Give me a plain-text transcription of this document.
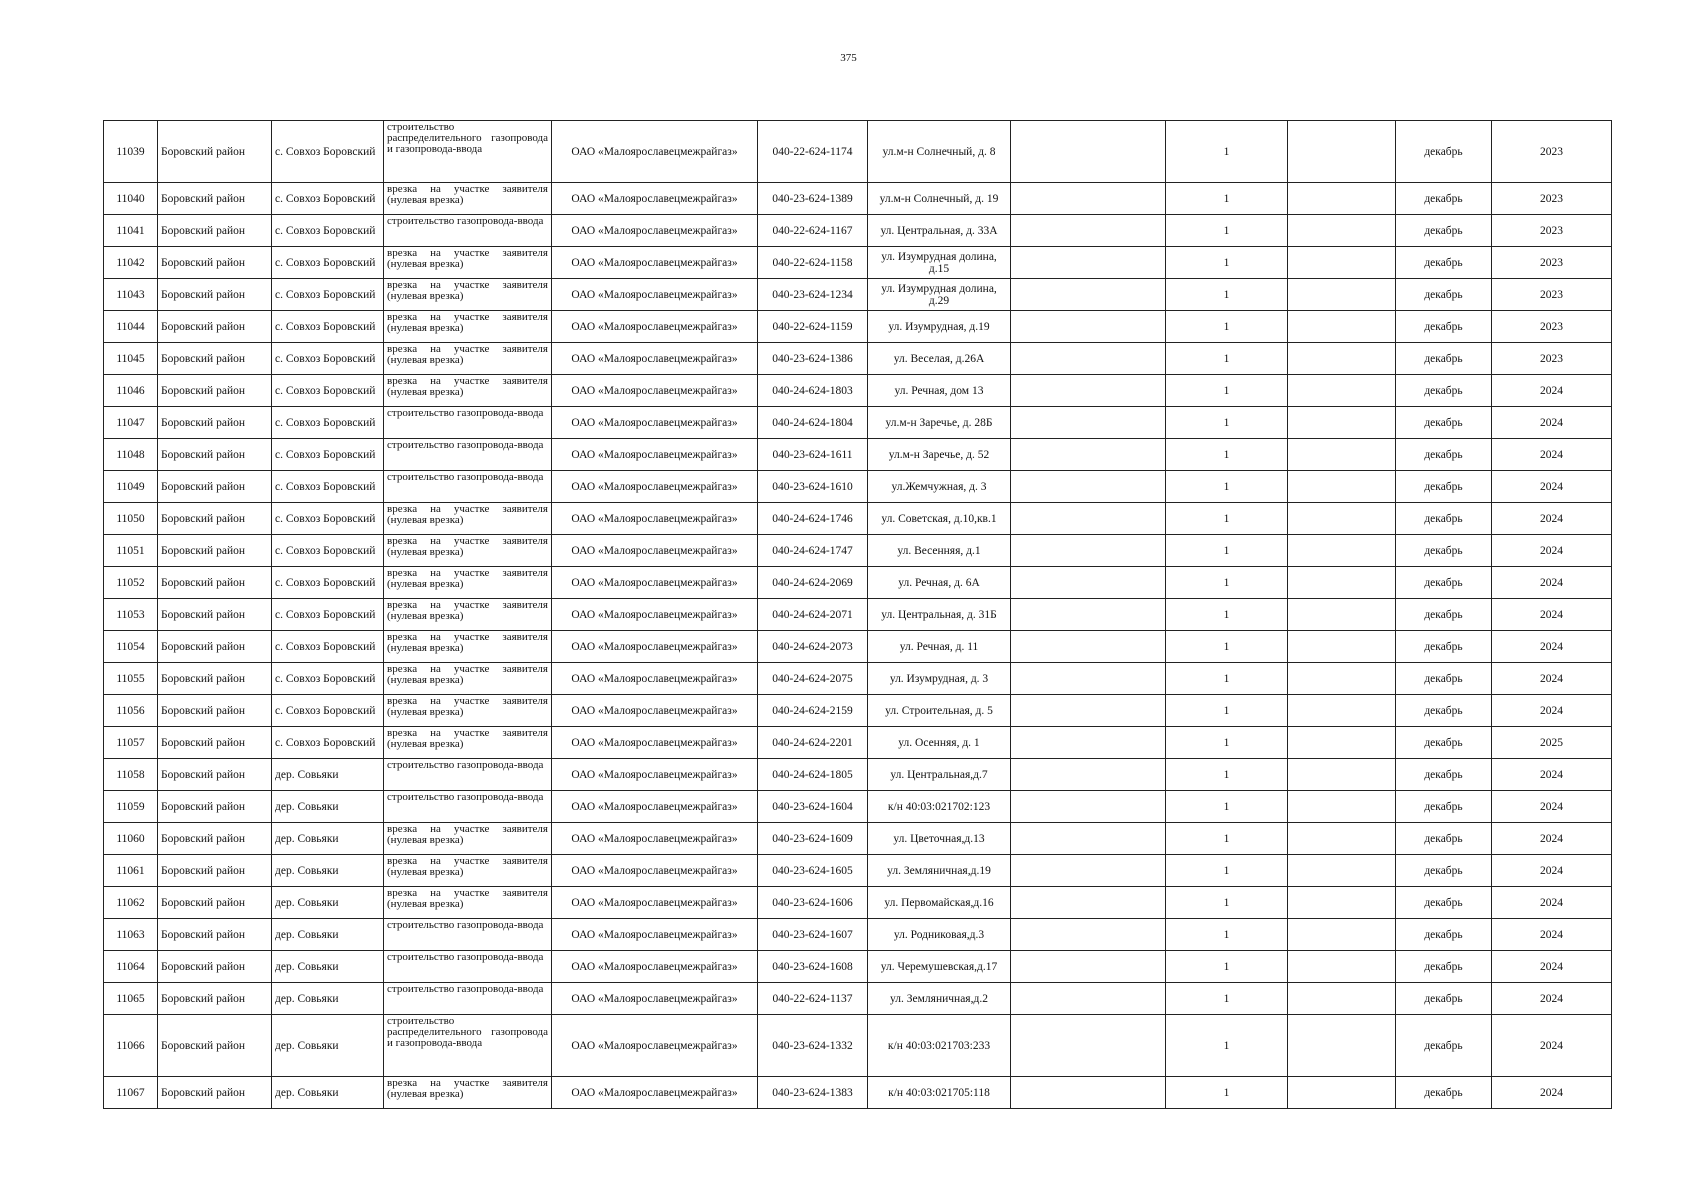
375
11039	Боровский район	с. Совхоз Боровский	строительство распределительного газопровода и газопровода-ввода	ОАО «Малоярославецмежрайгаз»	040-22-624-1174	ул.м-н Солнечный, д. 8		1		декабрь	2023
11040	Боровский район	с. Совхоз Боровский	врезка на участке заявителя (нулевая врезка)	ОАО «Малоярославецмежрайгаз»	040-23-624-1389	ул.м-н Солнечный, д. 19		1		декабрь	2023
11041	Боровский район	с. Совхоз Боровский	строительство газопровода-ввода	ОАО «Малоярославецмежрайгаз»	040-22-624-1167	ул. Центральная, д. 33А		1		декабрь	2023
11042	Боровский район	с. Совхоз Боровский	врезка на участке заявителя (нулевая врезка)	ОАО «Малоярославецмежрайгаз»	040-22-624-1158	ул. Изумрудная долина, д.15		1		декабрь	2023
11043	Боровский район	с. Совхоз Боровский	врезка на участке заявителя (нулевая врезка)	ОАО «Малоярославецмежрайгаз»	040-23-624-1234	ул. Изумрудная долина, д.29		1		декабрь	2023
11044	Боровский район	с. Совхоз Боровский	врезка на участке заявителя (нулевая врезка)	ОАО «Малоярославецмежрайгаз»	040-22-624-1159	ул. Изумрудная, д.19		1		декабрь	2023
11045	Боровский район	с. Совхоз Боровский	врезка на участке заявителя (нулевая врезка)	ОАО «Малоярославецмежрайгаз»	040-23-624-1386	ул. Веселая, д.26А		1		декабрь	2023
11046	Боровский район	с. Совхоз Боровский	врезка на участке заявителя (нулевая врезка)	ОАО «Малоярославецмежрайгаз»	040-24-624-1803	ул. Речная, дом 13		1		декабрь	2024
11047	Боровский район	с. Совхоз Боровский	строительство газопровода-ввода	ОАО «Малоярославецмежрайгаз»	040-24-624-1804	ул.м-н Заречье, д. 28Б		1		декабрь	2024
11048	Боровский район	с. Совхоз Боровский	строительство газопровода-ввода	ОАО «Малоярославецмежрайгаз»	040-23-624-1611	ул.м-н Заречье, д. 52		1		декабрь	2024
11049	Боровский район	с. Совхоз Боровский	строительство газопровода-ввода	ОАО «Малоярославецмежрайгаз»	040-23-624-1610	ул.Жемчужная, д. 3		1		декабрь	2024
11050	Боровский район	с. Совхоз Боровский	врезка на участке заявителя (нулевая врезка)	ОАО «Малоярославецмежрайгаз»	040-24-624-1746	ул. Советская, д.10,кв.1		1		декабрь	2024
11051	Боровский район	с. Совхоз Боровский	врезка на участке заявителя (нулевая врезка)	ОАО «Малоярославецмежрайгаз»	040-24-624-1747	ул. Весенняя, д.1		1		декабрь	2024
11052	Боровский район	с. Совхоз Боровский	врезка на участке заявителя (нулевая врезка)	ОАО «Малоярославецмежрайгаз»	040-24-624-2069	ул. Речная, д. 6А		1		декабрь	2024
11053	Боровский район	с. Совхоз Боровский	врезка на участке заявителя (нулевая врезка)	ОАО «Малоярославецмежрайгаз»	040-24-624-2071	ул. Центральная, д. 31Б		1		декабрь	2024
11054	Боровский район	с. Совхоз Боровский	врезка на участке заявителя (нулевая врезка)	ОАО «Малоярославецмежрайгаз»	040-24-624-2073	ул. Речная, д. 11		1		декабрь	2024
11055	Боровский район	с. Совхоз Боровский	врезка на участке заявителя (нулевая врезка)	ОАО «Малоярославецмежрайгаз»	040-24-624-2075	ул. Изумрудная, д. 3		1		декабрь	2024
11056	Боровский район	с. Совхоз Боровский	врезка на участке заявителя (нулевая врезка)	ОАО «Малоярославецмежрайгаз»	040-24-624-2159	ул. Строительная, д. 5		1		декабрь	2024
11057	Боровский район	с. Совхоз Боровский	врезка на участке заявителя (нулевая врезка)	ОАО «Малоярославецмежрайгаз»	040-24-624-2201	ул. Осенняя, д. 1		1		декабрь	2025
11058	Боровский район	дер. Совьяки	строительство газопровода-ввода	ОАО «Малоярославецмежрайгаз»	040-24-624-1805	ул. Центральная,д.7		1		декабрь	2024
11059	Боровский район	дер. Совьяки	строительство газопровода-ввода	ОАО «Малоярославецмежрайгаз»	040-23-624-1604	к/н 40:03:021702:123		1		декабрь	2024
11060	Боровский район	дер. Совьяки	врезка на участке заявителя (нулевая врезка)	ОАО «Малоярославецмежрайгаз»	040-23-624-1609	ул. Цветочная,д.13		1		декабрь	2024
11061	Боровский район	дер. Совьяки	врезка на участке заявителя (нулевая врезка)	ОАО «Малоярославецмежрайгаз»	040-23-624-1605	ул. Земляничная,д.19		1		декабрь	2024
11062	Боровский район	дер. Совьяки	врезка на участке заявителя (нулевая врезка)	ОАО «Малоярославецмежрайгаз»	040-23-624-1606	ул. Первомайская,д.16		1		декабрь	2024
11063	Боровский район	дер. Совьяки	строительство газопровода-ввода	ОАО «Малоярославецмежрайгаз»	040-23-624-1607	ул. Родниковая,д.3		1		декабрь	2024
11064	Боровский район	дер. Совьяки	строительство газопровода-ввода	ОАО «Малоярославецмежрайгаз»	040-23-624-1608	ул. Черемушевская,д.17		1		декабрь	2024
11065	Боровский район	дер. Совьяки	строительство газопровода-ввода	ОАО «Малоярославецмежрайгаз»	040-22-624-1137	ул. Земляничная,д.2		1		декабрь	2024
11066	Боровский район	дер. Совьяки	строительство распределительного газопровода и газопровода-ввода	ОАО «Малоярославецмежрайгаз»	040-23-624-1332	к/н 40:03:021703:233		1		декабрь	2024
11067	Боровский район	дер. Совьяки	врезка на участке заявителя (нулевая врезка)	ОАО «Малоярославецмежрайгаз»	040-23-624-1383	к/н 40:03:021705:118		1		декабрь	2024
